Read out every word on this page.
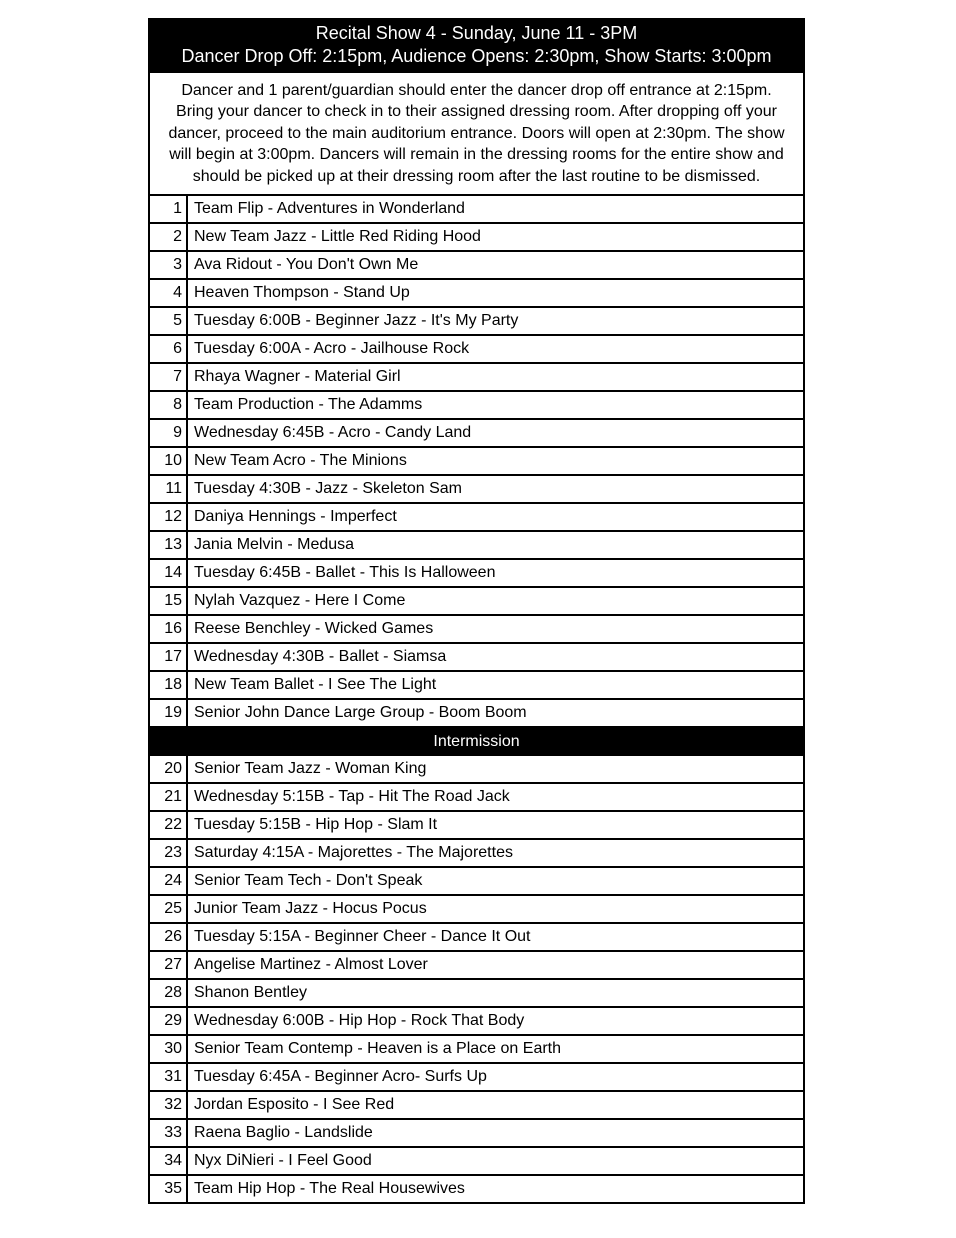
Recital Show 4 - Sunday, June 11 - 3PM
Dancer Drop Off: 2:15pm, Audience Opens: 2:30pm, Show Starts: 3:00pm
Dancer and 1 parent/guardian should enter the dancer drop off entrance at 2:15pm. Bring your dancer to check in to their assigned dressing room. After dropping off your dancer, proceed to the main auditorium entrance. Doors will open at 2:30pm. The show will begin at 3:00pm. Dancers will remain in the dressing rooms for the entire show and should be picked up at their dressing room after the last routine to be dismissed.
1 Team Flip - Adventures in Wonderland
2 New Team Jazz - Little Red Riding Hood
3 Ava Ridout - You Don't Own Me
4 Heaven Thompson - Stand Up
5 Tuesday 6:00B - Beginner Jazz - It's My Party
6 Tuesday 6:00A - Acro - Jailhouse Rock
7 Rhaya Wagner - Material Girl
8 Team Production - The Adamms
9 Wednesday 6:45B - Acro - Candy Land
10 New Team Acro - The Minions
11 Tuesday 4:30B - Jazz - Skeleton Sam
12 Daniya Hennings - Imperfect
13 Jania Melvin - Medusa
14 Tuesday 6:45B - Ballet - This Is Halloween
15 Nylah Vazquez - Here I Come
16 Reese Benchley - Wicked Games
17 Wednesday 4:30B - Ballet - Siamsa
18 New Team Ballet - I See The Light
19 Senior John Dance Large Group - Boom Boom
Intermission
20 Senior Team Jazz - Woman King
21 Wednesday 5:15B - Tap - Hit The Road Jack
22 Tuesday 5:15B - Hip Hop - Slam It
23 Saturday 4:15A - Majorettes - The Majorettes
24 Senior Team Tech - Don't Speak
25 Junior Team Jazz - Hocus Pocus
26 Tuesday 5:15A - Beginner Cheer - Dance It Out
27 Angelise Martinez - Almost Lover
28 Shanon Bentley
29 Wednesday 6:00B - Hip Hop - Rock That Body
30 Senior Team Contemp - Heaven is a Place on Earth
31 Tuesday 6:45A - Beginner Acro- Surfs Up
32 Jordan Esposito - I See Red
33 Raena Baglio - Landslide
34 Nyx DiNieri - I Feel Good
35 Team Hip Hop - The Real Housewives
